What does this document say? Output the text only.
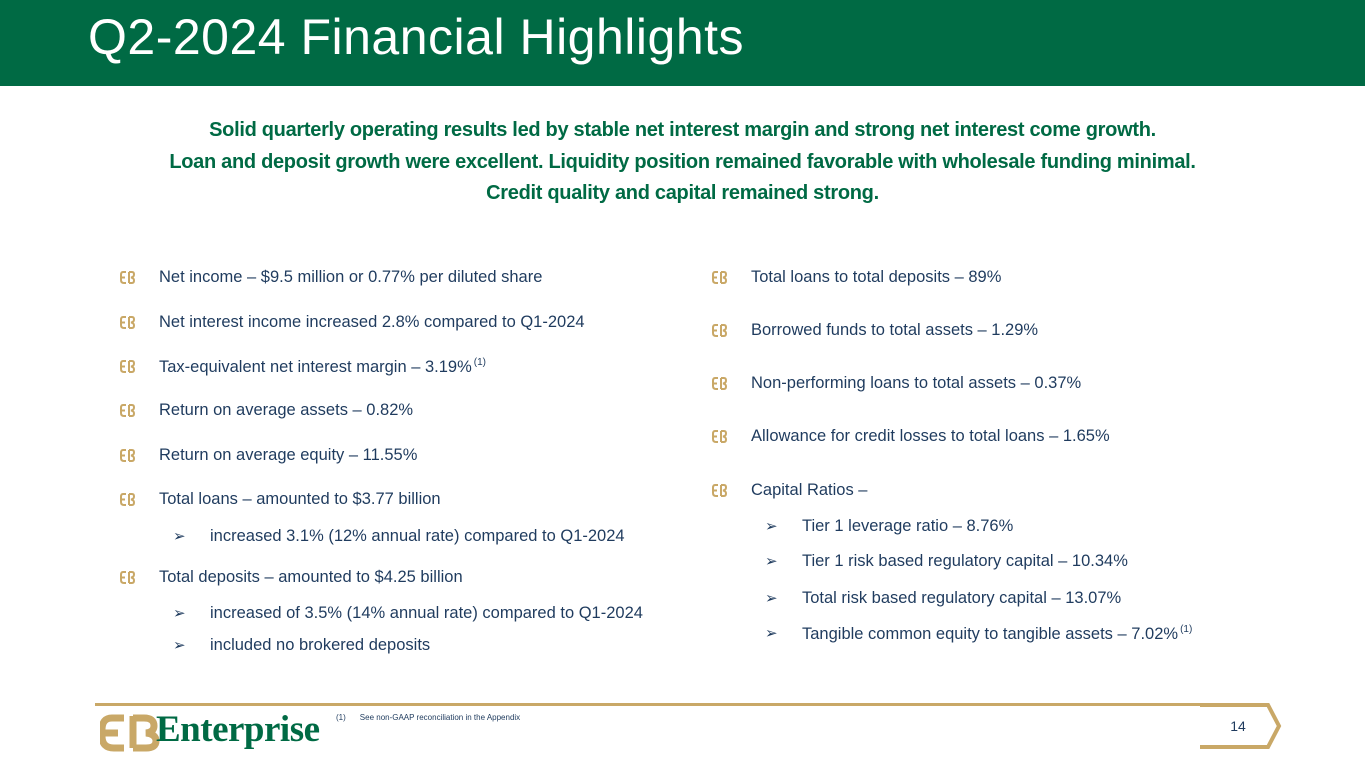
Q2-2024 Financial Highlights
Solid quarterly operating results led by stable net interest margin and strong net interest come growth.
Loan and deposit growth were excellent. Liquidity position remained favorable with wholesale funding minimal.
Credit quality and capital remained strong.
Net income – $9.5 million or 0.77% per diluted share
Net interest income increased 2.8% compared to Q1-2024
Tax-equivalent net interest margin – 3.19% $^{(1)}$
Return on average assets – 0.82%
Return on average equity – 11.55%
Total loans – amounted to $3.77 billion
➢ increased 3.1% (12% annual rate) compared to Q1-2024
Total deposits – amounted to $4.25 billion
➢ increased of 3.5% (14% annual rate) compared to Q1-2024
➢ included no brokered deposits
Total loans to total deposits – 89%
Borrowed funds to total assets – 1.29%
Non-performing loans to total assets – 0.37%
Allowance for credit losses to total loans – 1.65%
Capital Ratios –
➢ Tier 1 leverage ratio – 8.76%
➢ Tier 1 risk based regulatory capital – 10.34%
➢ Total risk based regulatory capital – 13.07%
➢ Tangible common equity to tangible assets – 7.02% $^{(1)}$
Enterprise (1) See non-GAAP reconciliation in the Appendix
14
